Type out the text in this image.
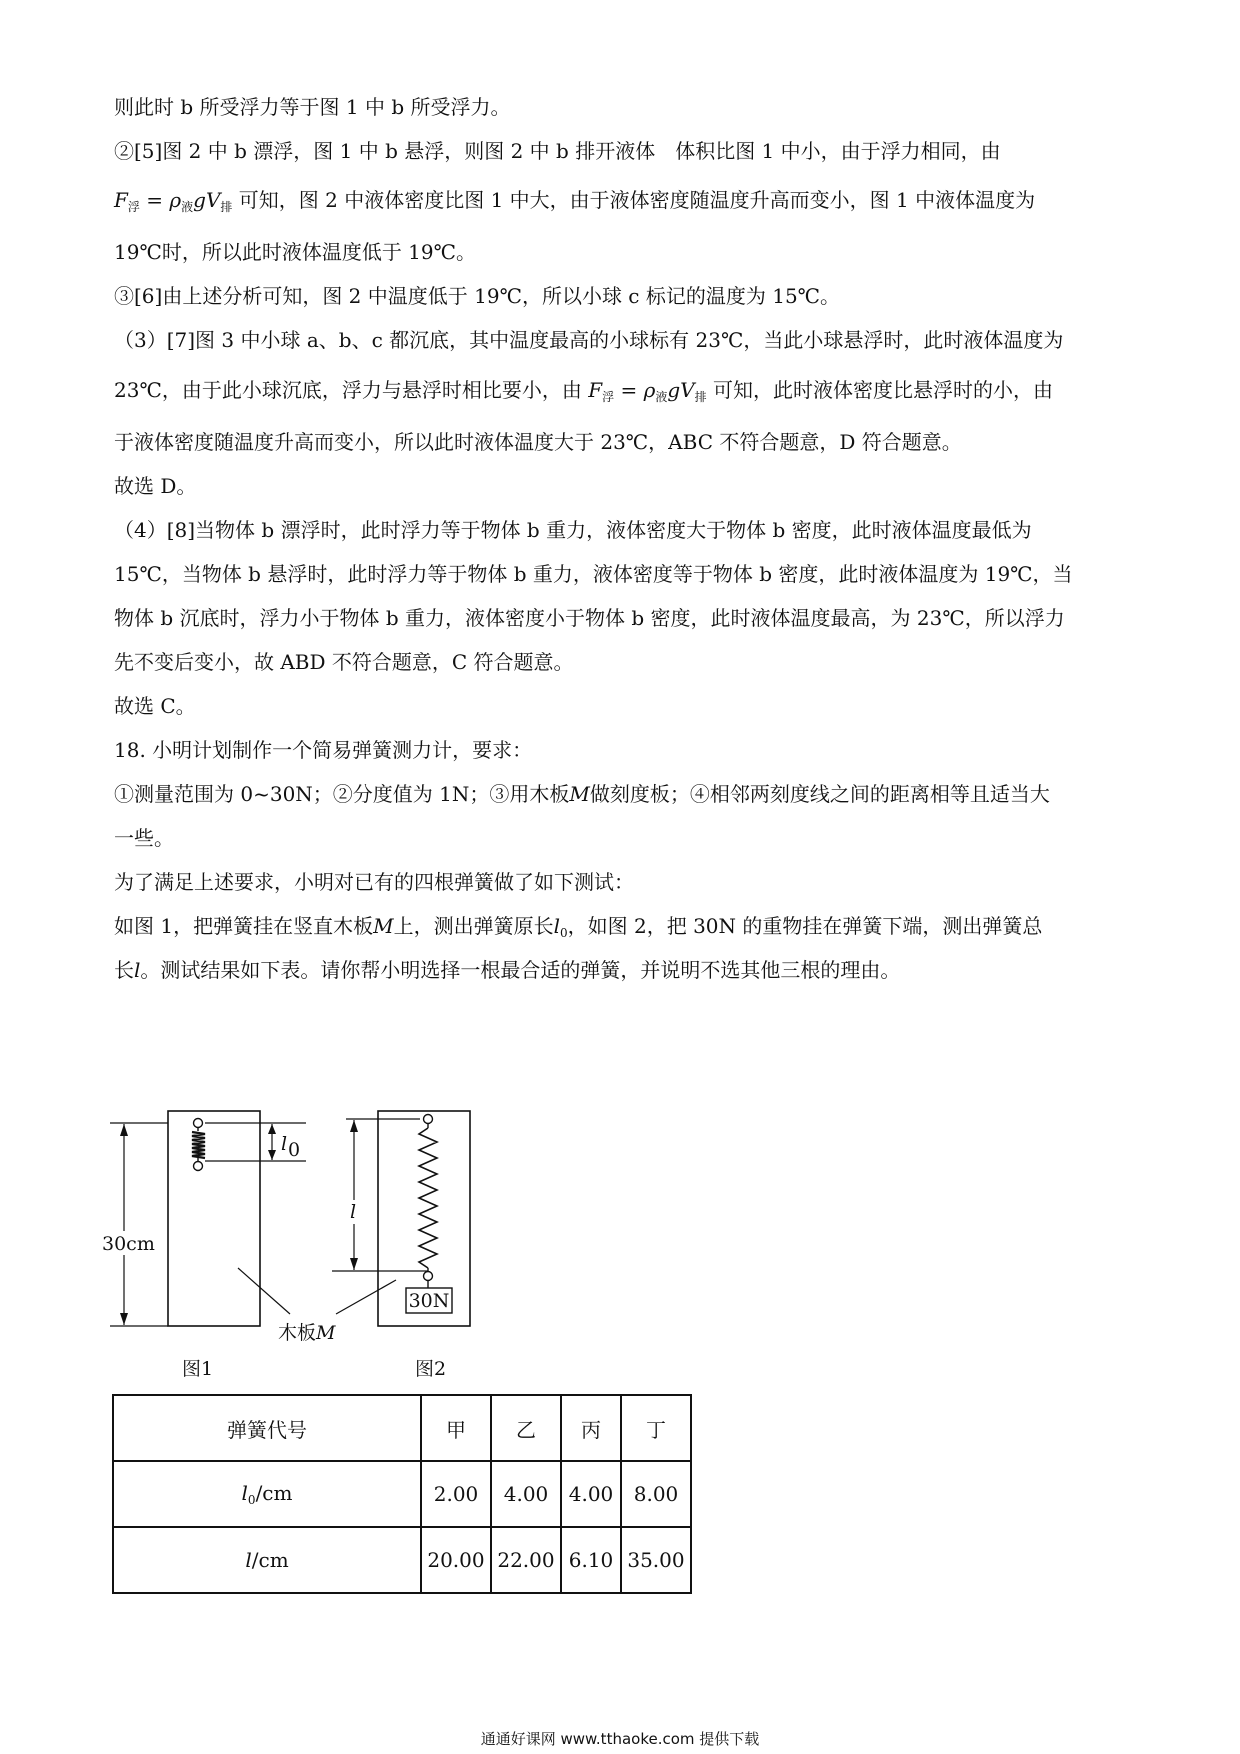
则此时 b 所受浮力等于图 1 中 b 所受浮力。
②[5]图 2 中 b 漂浮，图 1 中 b 悬浮，则图 2 中 b 排开液体　体积比图 1 中小，由于浮力相同，由
$F_浮 = \rho_液gV_排$ 可知，图 2 中液体密度比图 1 中大，由于液体密度随温度升高而变小，图 1 中液体温度为
19℃时，所以此时液体温度低于 19℃。
③[6]由上述分析可知，图 2 中温度低于 19℃，所以小球 c 标记的温度为 15℃。
（3）[7]图 3 中小球 a、b、c 都沉底，其中温度最高的小球标有 23℃，当此小球悬浮时，此时液体温度为
23℃，由于此小球沉底，浮力与悬浮时相比要小，由 $F_浮 = \rho_液gV_排$ 可知，此时液体密度比悬浮时的小，由
于液体密度随温度升高而变小，所以此时液体温度大于 23℃，ABC 不符合题意，D 符合题意。
故选 D。
（4）[8]当物体 b 漂浮时，此时浮力等于物体 b 重力，液体密度大于物体 b 密度，此时液体温度最低为
15℃，当物体 b 悬浮时，此时浮力等于物体 b 重力，液体密度等于物体 b 密度，此时液体温度为 19℃，当
物体 b 沉底时，浮力小于物体 b 重力，液体密度小于物体 b 密度，此时液体温度最高，为 23℃，所以浮力
先不变后变小，故 ABD 不符合题意，C 符合题意。
故选 C。
18. 小明计划制作一个简易弹簧测力计，要求：
①测量范围为 0~30N；②分度值为 1N；③用木板M做刻度板；④相邻两刻度线之间的距离相等且适当大
一些。
为了满足上述要求，小明对已有的四根弹簧做了如下测试：
如图 1，把弹簧挂在竖直木板M上，测出弹簧原长$l_0$，如图 2，把 30N 的重物挂在弹簧下端，测出弹簧总
长l。测试结果如下表。请你帮小明选择一根最合适的弹簧，并说明不选其他三根的理由。
30cm
l 0
30N
l
木板M
图1	图2
弹簧代号	甲	乙	丙	丁
$l_0/cm$	2.00	4.00	4.00	8.00
l/cm	20.00	22.00	6.10	35.00
通通好课网 www.tthaoke.com 提供下载
